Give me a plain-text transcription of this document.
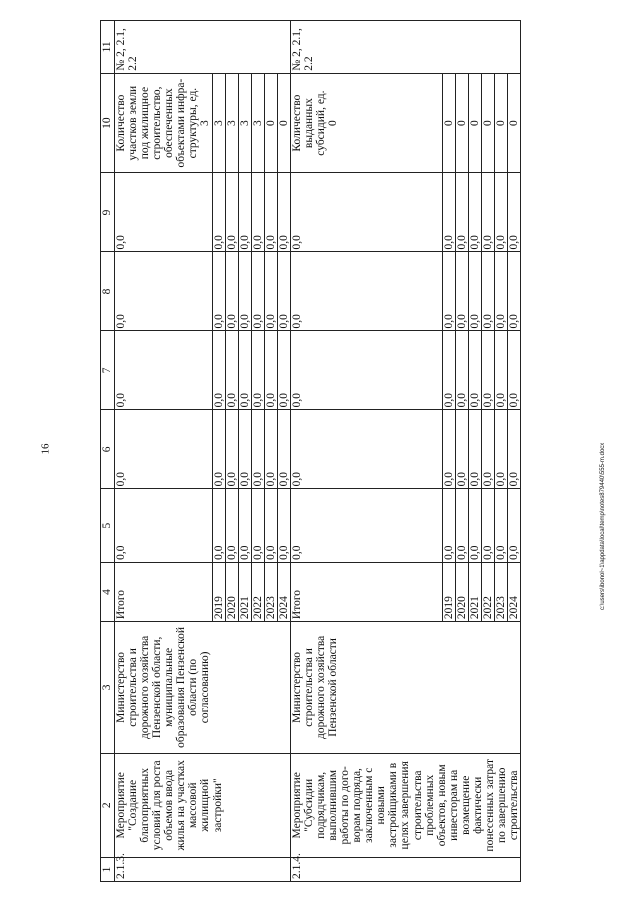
16
1	2	3	4	5	6	7	8	9	10	11
2.1.3.	Мероприятие "Создание благоприятных условий для роста объемов ввода жилья на участках массовой жилищной застройки"	Министерство строительства и дорожного хозяйства Пензенской области, муниципальные образования Пензенской области (по согласованию)	Итого	0,0	0,0	0,0	0,0	0,0	Количество участков земли под жилищное строительство, обеспеченных объектами инфра-структуры, ед. 3	№ 2, 2.1, 2.2
			2019	0,0	0,0	0,0	0,0	0,0	3	
			2020	0,0	0,0	0,0	0,0	0,0	3	
			2021	0,0	0,0	0,0	0,0	0,0	3	
			2022	0,0	0,0	0,0	0,0	0,0	3	
			2023	0,0	0,0	0,0	0,0	0,0	0	
			2024	0,0	0,0	0,0	0,0	0,0	0	
2.1.4.	Мероприятие "Субсидии подрядчикам, выполнившим работы по дого-ворам подряда, заключенным с новыми застройщиками в целях завершения строительства проблемных объектов, новым инвесторам на возмещение фактически понесенных затрат по завершению строительства	Министерство строительства и дорожного хозяйства Пензенской области	Итого	0,0	0,0	0,0	0,0	0,0	Количество выданных субсидий, ед. 0	№ 2, 2.1, 2.2
			2019	0,0	0,0	0,0	0,0	0,0	0	
			2020	0,0	0,0	0,0	0,0	0,0	0	
			2021	0,0	0,0	0,0	0,0	0,0	0	
			2022	0,0	0,0	0,0	0,0	0,0	0	
			2023	0,0	0,0	0,0	0,0	0,0	0	
			2024	0,0	0,0	0,0	0,0	0,0	0	
c:\users\ibonol~1\appdata\local\temp\notes879440\555-m.docx
